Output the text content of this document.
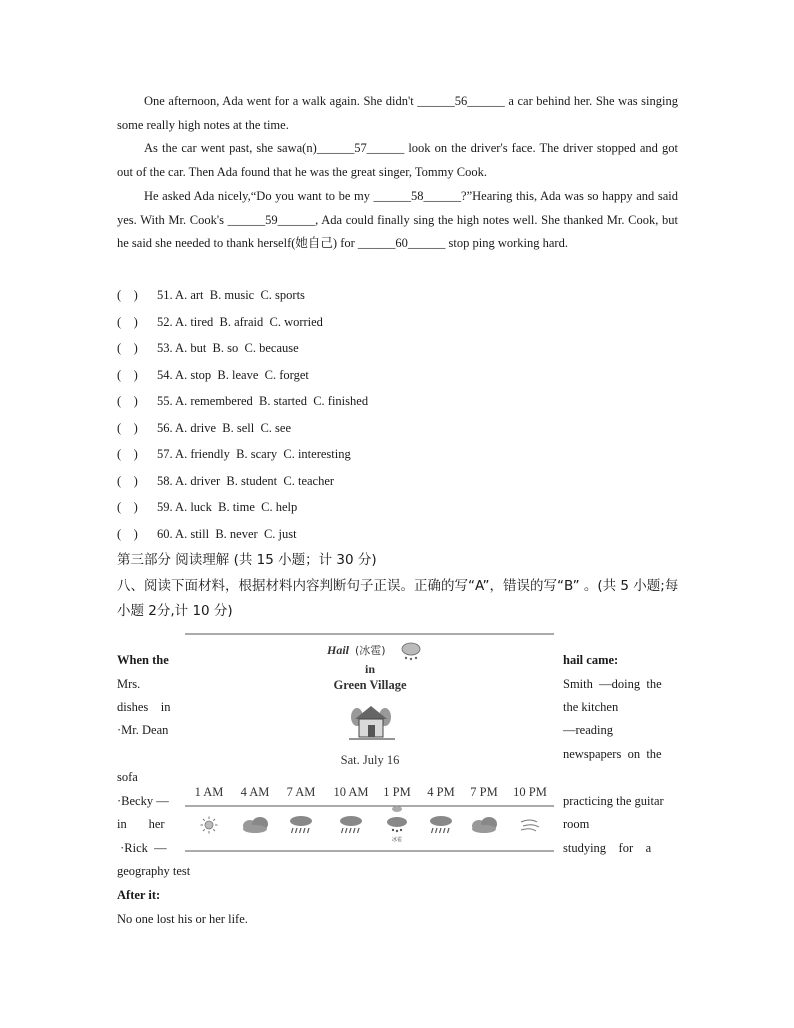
One afternoon, Ada went for a walk again. She didn't ______56______ a car behind her. She was singing some really high notes at the time.

As the car went past, she sawa(n)______57______ look on the driver's face. The driver stopped and got out of the car. Then Ada found that he was the great singer, Tommy Cook.

He asked Ada nicely,“Do you want to be my ______58______?”Hearing this, Ada was so happy and said yes. With Mr. Cook's ______59______, Ada could finally sing the high notes well. She thanked Mr. Cook, but he said she needed to thank herself(她自己) for ______60______ stop ping working hard.

(    ) 51. A. art  B. music  C. sports
(    ) 52. A. tired  B. afraid  C. worried
(    ) 53. A. but  B. so  C. because
(    ) 54. A. stop  B. leave  C. forget
(    ) 55. A. remembered  B. started  C. finished
(    ) 56. A. drive  B. sell  C. see
(    ) 57. A. friendly  B. scary  C. interesting
(    ) 58. A. driver  B. student  C. teacher
(    ) 59. A. luck  B. time  C. help
(    ) 60. A. still  B. never  C. just
第三部分 阅读理解 (共 15 小题；计 30 分)
八、阅读下面材料，根据材料内容判断句子正误。正确的写“A”，错误的写“B” 。(共 5 小题;每小题 2分,计 10 分)
When the
Mrs.
dishes    in
·Mr. Dean
sofa
·Becky —
in       her
·Rick  —
geography test
hail came:
Smith  —doing  the
the kitchen
—reading
newspapers  on  the
practicing the guitar
room
studying    for    a
Hail (冰雹)
in
Green Village
Sat. July 16
1 AM 4 AM 7 AM 10 AM 1 PM 4 PM 7 PM 10 PM
冰雹
After it:
No one lost his or her life.
